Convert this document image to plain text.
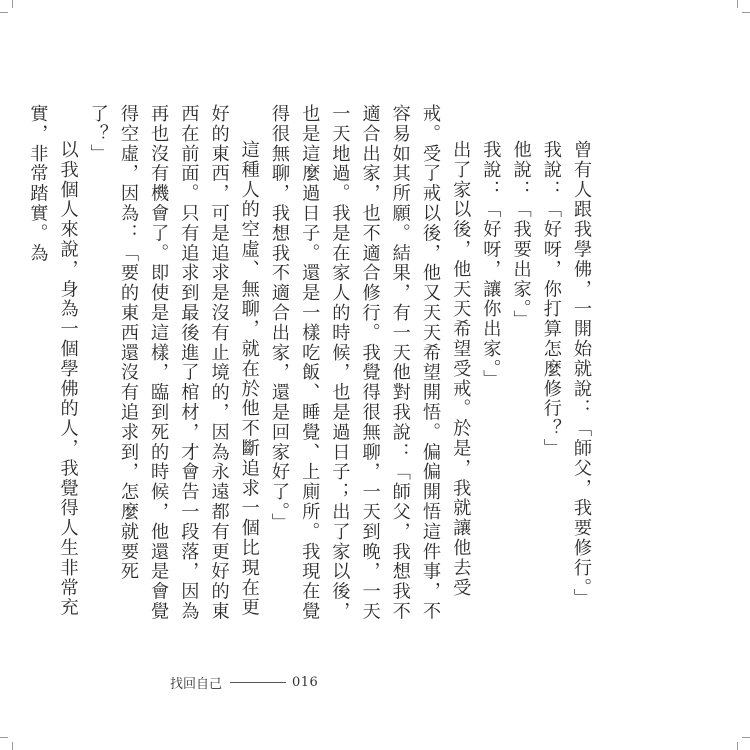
曾有人跟我學佛，一開始就說：「師父，我要修行。」

我說：「好呀，你打算怎麼修行？」

他說：「我要出家。」

我說：「好呀，讓你出家。」

出了家以後，他天天希望受戒。於是，我就讓他去受戒。受了戒以後，他又天天希望開悟。偏偏開悟這件事，不容易如其所願。結果，有一天他對我說：「師父，我想我不適合出家，也不適合修行。我覺得很無聊，一天到晚，一天一天地過。我是在家人的時候，也是過日子；出了家以後，也是這麼過日子。還是一樣吃飯、睡覺、上廁所。我現在覺得很無聊，我想我不適合出家，還是回家好了。」

這種人的空虛、無聊，就在於他不斷追求一個比現在更好的東西，可是追求是沒有止境的，因為永遠都有更好的東西在前面。只有追求到最後進了棺材，才會告一段落，因為再也沒有機會了。即使是這樣，臨到死的時候，他還是會覺得空虛，因為：「要的東西還沒有追求到，怎麼就要死了？」

以我個人來說，身為一個學佛的人，我覺得人生非常充實，非常踏實。為

找回自己	016
